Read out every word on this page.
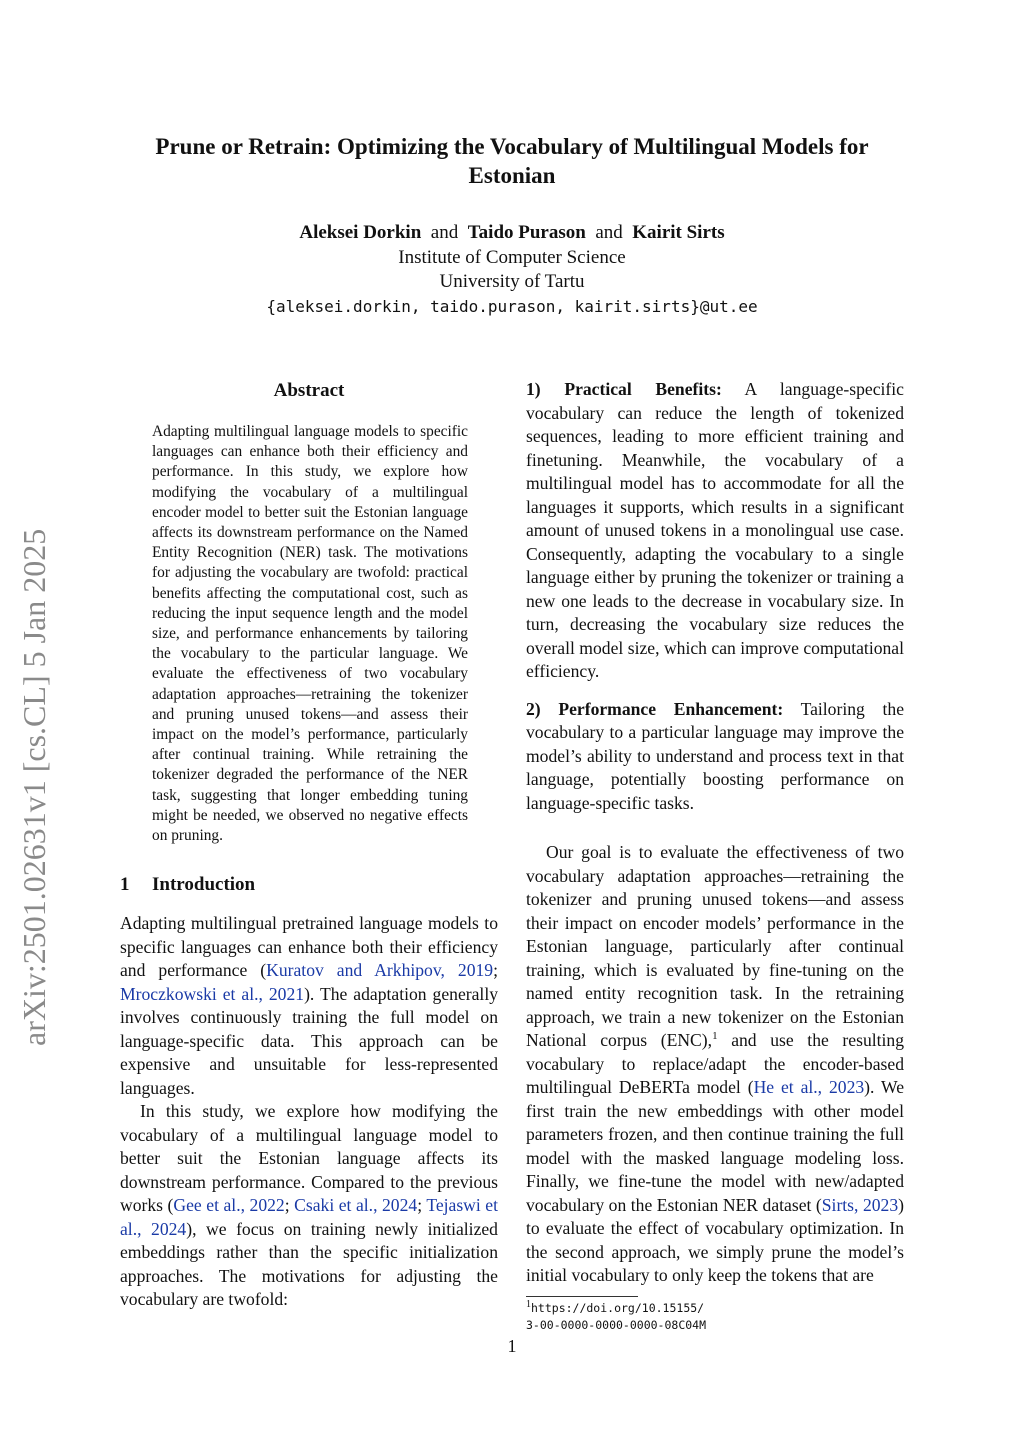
arXiv:2501.02631v1 [cs.CL] 5 Jan 2025
Prune or Retrain: Optimizing the Vocabulary of Multilingual Models for
Estonian
Aleksei Dorkin and Taido Purason and Kairit Sirts
Institute of Computer Science
University of Tartu
{aleksei.dorkin, taido.purason, kairit.sirts}@ut.ee
Abstract
Adapting multilingual language models to specific languages can enhance both their efficiency and performance. In this study, we explore how modifying the vocabulary of a multilingual encoder model to better suit the Estonian language affects its downstream performance on the Named Entity Recognition (NER) task. The motivations for adjusting the vocabulary are twofold: practical benefits affecting the computational cost, such as reducing the input sequence length and the model size, and performance enhancements by tailoring the vocabulary to the particular language. We evaluate the effectiveness of two vocabulary adaptation approaches—retraining the tokenizer and pruning unused tokens—and assess their impact on the model’s performance, particularly after continual training. While retraining the tokenizer degraded the performance of the NER task, suggesting that longer embedding tuning might be needed, we observed no negative effects on pruning.
1 Introduction

Adapting multilingual pretrained language models to specific languages can enhance both their efficiency and performance (Kuratov and Arkhipov, 2019; Mroczkowski et al., 2021). The adaptation generally involves continuously training the full model on language-specific data. This approach can be expensive and unsuitable for less-represented languages.

In this study, we explore how modifying the vocabulary of a multilingual language model to better suit the Estonian language affects its downstream performance. Compared to the previous works (Gee et al., 2022; Csaki et al., 2024; Tejaswi et al., 2024), we focus on training newly initialized embeddings rather than the specific initialization approaches. The motivations for adjusting the vocabulary are twofold:

1) Practical Benefits: A language-specific vocabulary can reduce the length of tokenized sequences, leading to more efficient training and finetuning. Meanwhile, the vocabulary of a multilingual model has to accommodate for all the languages it supports, which results in a significant amount of unused tokens in a monolingual use case. Consequently, adapting the vocabulary to a single language either by pruning the tokenizer or training a new one leads to the decrease in vocabulary size. In turn, decreasing the vocabulary size reduces the overall model size, which can improve computational efficiency.

2) Performance Enhancement: Tailoring the vocabulary to a particular language may improve the model’s ability to understand and process text in that language, potentially boosting performance on language-specific tasks.

Our goal is to evaluate the effectiveness of two vocabulary adaptation approaches—retraining the tokenizer and pruning unused tokens—and assess their impact on encoder models’ performance in the Estonian language, particularly after continual training, which is evaluated by fine-tuning on the named entity recognition task. In the retraining approach, we train a new tokenizer on the Estonian National corpus (ENC),$^1$ and use the resulting vocabulary to replace/adapt the encoder-based multilingual DeBERTa model (He et al., 2023). We first train the new embeddings with other model parameters frozen, and then continue training the full model with the masked language modeling loss. Finally, we fine-tune the model with new/adapted vocabulary on the Estonian NER dataset (Sirts, 2023) to evaluate the effect of vocabulary optimization. In the second approach, we simply prune the model’s initial vocabulary to only keep the tokens that are

$^1$https://doi.org/10.15155/
3-00-0000-0000-0000-08C04M
1
